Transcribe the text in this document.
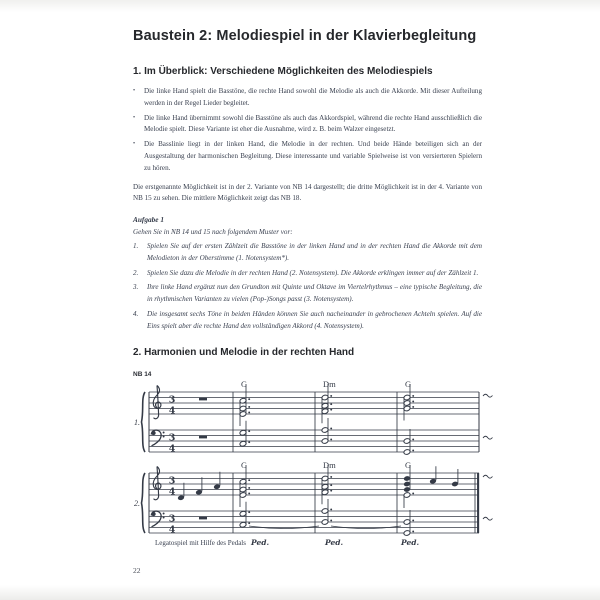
Baustein 2: Melodiespiel in der Klavierbegleitung
1. Im Überblick: Verschiedene Möglichkeiten des Melodiespiels
• Die linke Hand spielt die Basstöne, die rechte Hand sowohl die Melodie als auch die Akkorde. Mit dieser Aufteilung werden in der Regel Lieder begleitet.
• Die linke Hand übernimmt sowohl die Basstöne als auch das Akkordspiel, während die rechte Hand ausschließlich die Melodie spielt. Diese Variante ist eher die Ausnahme, wird z. B. beim Walzer eingesetzt.
• Die Basslinie liegt in der linken Hand, die Melodie in der rechten. Und beide Hände beteiligen sich an der Ausgestaltung der harmonischen Begleitung. Diese interessante und variable Spielweise ist von versierteren Spielern zu hören.

Die erstgenannte Möglichkeit ist in der 2. Variante von NB 14 dargestellt; die dritte Möglichkeit ist in der 4. Variante von NB 15 zu sehen. Die mittlere Möglichkeit zeigt das NB 18.

Aufgabe 1

Gehen Sie in NB 14 und 15 nach folgendem Muster vor:

1.	Spielen Sie auf der ersten Zählzeit die Basstöne in der linken Hand und in der rechten Hand die Akkorde mit dem Melodieton in der Oberstimme (1. Notensystem*).
2.	Spielen Sie dazu die Melodie in der rechten Hand (2. Notensystem). Die Akkorde erklingen immer auf der Zählzeit 1.
3.	Ihre linke Hand ergänzt nun den Grundton mit Quinte und Oktave im Viertelrhythmus – eine typische Begleitung, die in rhythmischen Varianten zu vielen (Pop-)Songs passt (3. Notensystem).
4.	Die insgesamt sechs Töne in beiden Händen können Sie auch nacheinander in gebrochenen Achteln spielen. Auf die Eins spielt aber die rechte Hand den vollständigen Akkord (4. Notensystem).
2. Harmonien und Melodie in der rechten Hand
NB 14
1.
3
4
3
4
C	Dm	G
2.
3
4
3
4
C	Dm	G
Legatospiel mit Hilfe des Pedals Ped.	Ped.	Ped.
22
